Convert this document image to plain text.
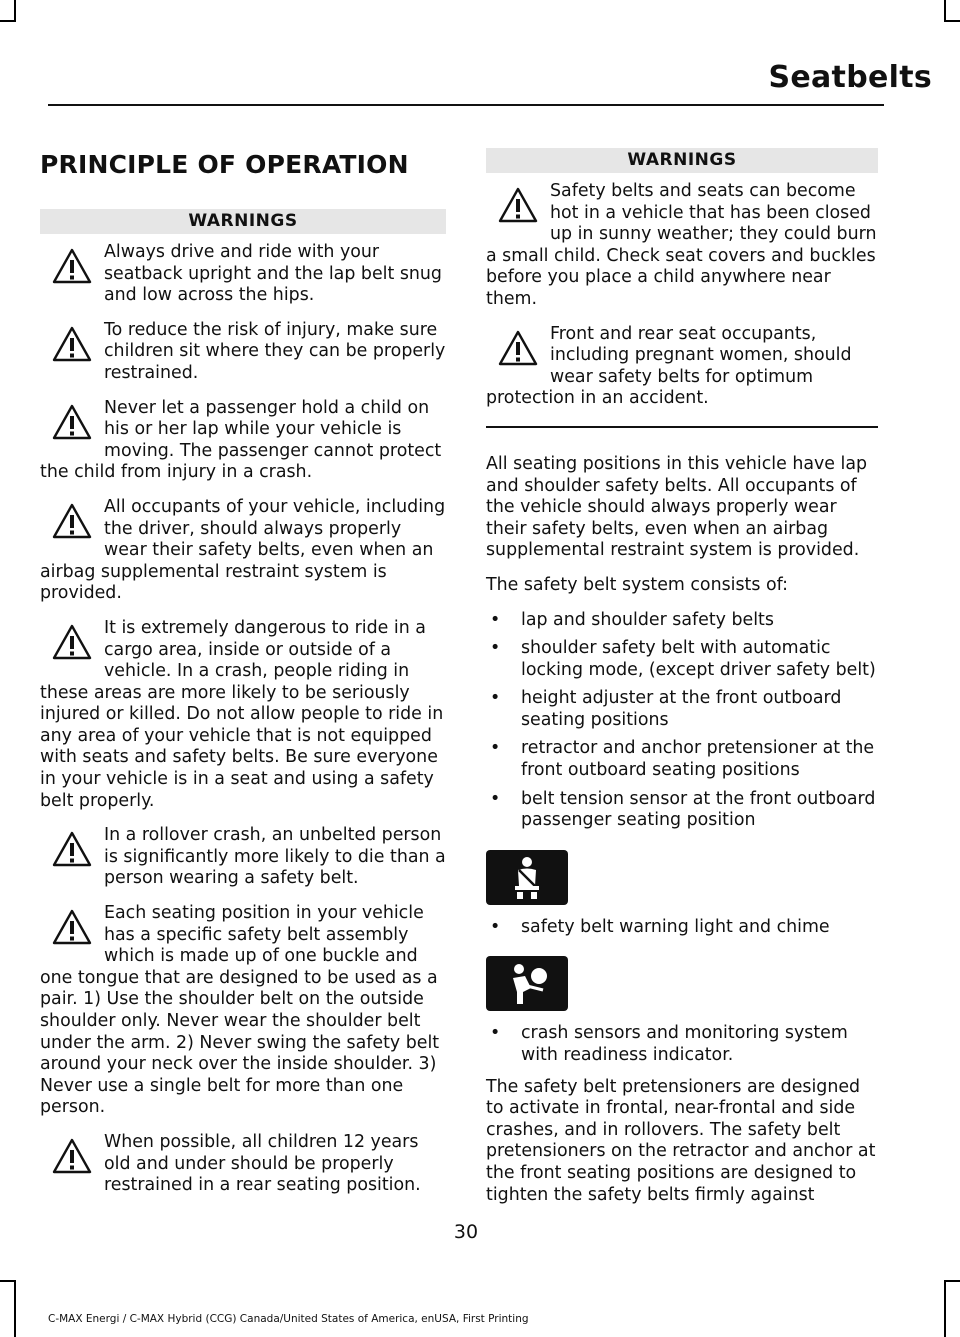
Seatbelts
PRINCIPLE OF OPERATION
WARNINGS
Always drive and ride with your seatback upright and the lap belt snug and low across the hips.
To reduce the risk of injury, make sure children sit where they can be properly restrained.
Never let a passenger hold a child on his or her lap while your vehicle is moving. The passenger cannot protect the child from injury in a crash.
All occupants of your vehicle, including the driver, should always properly wear their safety belts, even when an airbag supplemental restraint system is provided.
It is extremely dangerous to ride in a cargo area, inside or outside of a vehicle. In a crash, people riding in these areas are more likely to be seriously injured or killed. Do not allow people to ride in any area of your vehicle that is not equipped with seats and safety belts. Be sure everyone in your vehicle is in a seat and using a safety belt properly.
In a rollover crash, an unbelted person is significantly more likely to die than a person wearing a safety belt.
Each seating position in your vehicle has a specific safety belt assembly which is made up of one buckle and one tongue that are designed to be used as a pair. 1) Use the shoulder belt on the outside shoulder only. Never wear the shoulder belt under the arm. 2) Never swing the safety belt around your neck over the inside shoulder. 3) Never use a single belt for more than one person.
When possible, all children 12 years old and under should be properly restrained in a rear seating position.
WARNINGS
Safety belts and seats can become hot in a vehicle that has been closed up in sunny weather; they could burn a small child. Check seat covers and buckles before you place a child anywhere near them.
Front and rear seat occupants, including pregnant women, should wear safety belts for optimum protection in an accident.

All seating positions in this vehicle have lap and shoulder safety belts. All occupants of the vehicle should always properly wear their safety belts, even when an airbag supplemental restraint system is provided.

The safety belt system consists of:

• lap and shoulder safety belts
• shoulder safety belt with automatic locking mode, (except driver safety belt)
• height adjuster at the front outboard seating positions
• retractor and anchor pretensioner at the front outboard seating positions
• belt tension sensor at the front outboard passenger seating position
• safety belt warning light and chime
• crash sensors and monitoring system with readiness indicator.

The safety belt pretensioners are designed to activate in frontal, near-frontal and side crashes, and in rollovers. The safety belt pretensioners on the retractor and anchor at the front seating positions are designed to tighten the safety belts firmly against

30
C-MAX Energi / C-MAX Hybrid (CCG) Canada/United States of America, enUSA, First Printing
